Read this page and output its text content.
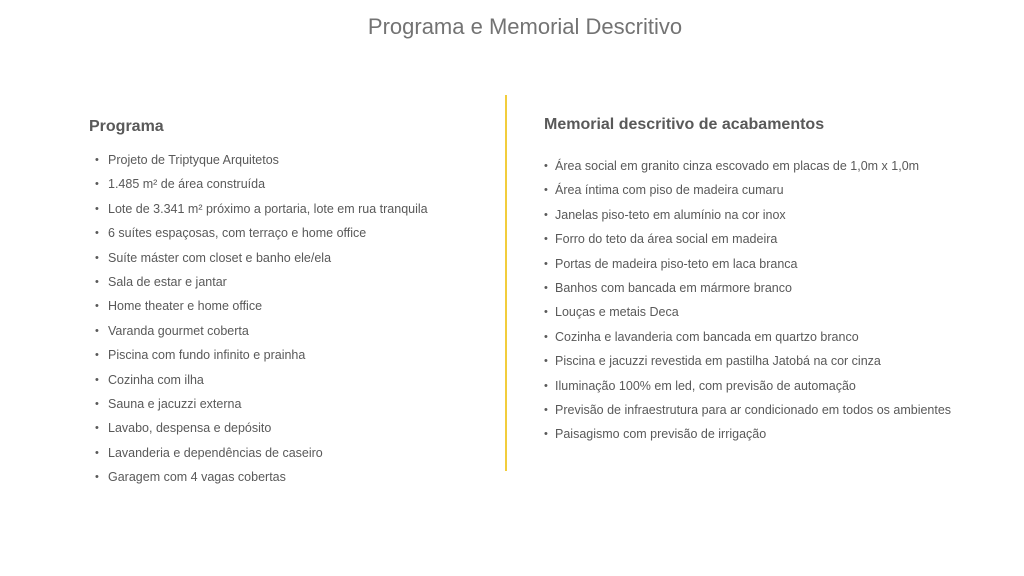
Programa e Memorial Descritivo
Programa
• Projeto de Triptyque Arquitetos
• 1.485 m² de área construída
• Lote de 3.341 m² próximo a portaria, lote em rua tranquila
• 6 suítes espaçosas, com terraço e home office
• Suíte máster com closet e banho ele/ela
• Sala de estar e jantar
• Home theater e home office
• Varanda gourmet coberta
• Piscina com fundo infinito e prainha
• Cozinha com ilha
• Sauna e jacuzzi externa
• Lavabo, despensa e depósito
• Lavanderia e dependências de caseiro
• Garagem com 4 vagas cobertas
Memorial descritivo de acabamentos
• Área social em granito cinza escovado em placas de 1,0m x 1,0m
• Área íntima com piso de madeira cumaru
• Janelas piso-teto em alumínio na cor inox
• Forro do teto da área social em madeira
• Portas de madeira piso-teto em laca branca
• Banhos com bancada em mármore branco
• Louças e metais Deca
• Cozinha e lavanderia com bancada em quartzo branco
• Piscina e jacuzzi revestida em pastilha Jatobá na cor cinza
• Iluminação 100% em led, com previsão de automação
• Previsão de infraestrutura para ar condicionado em todos os ambientes
• Paisagismo com previsão de irrigação
